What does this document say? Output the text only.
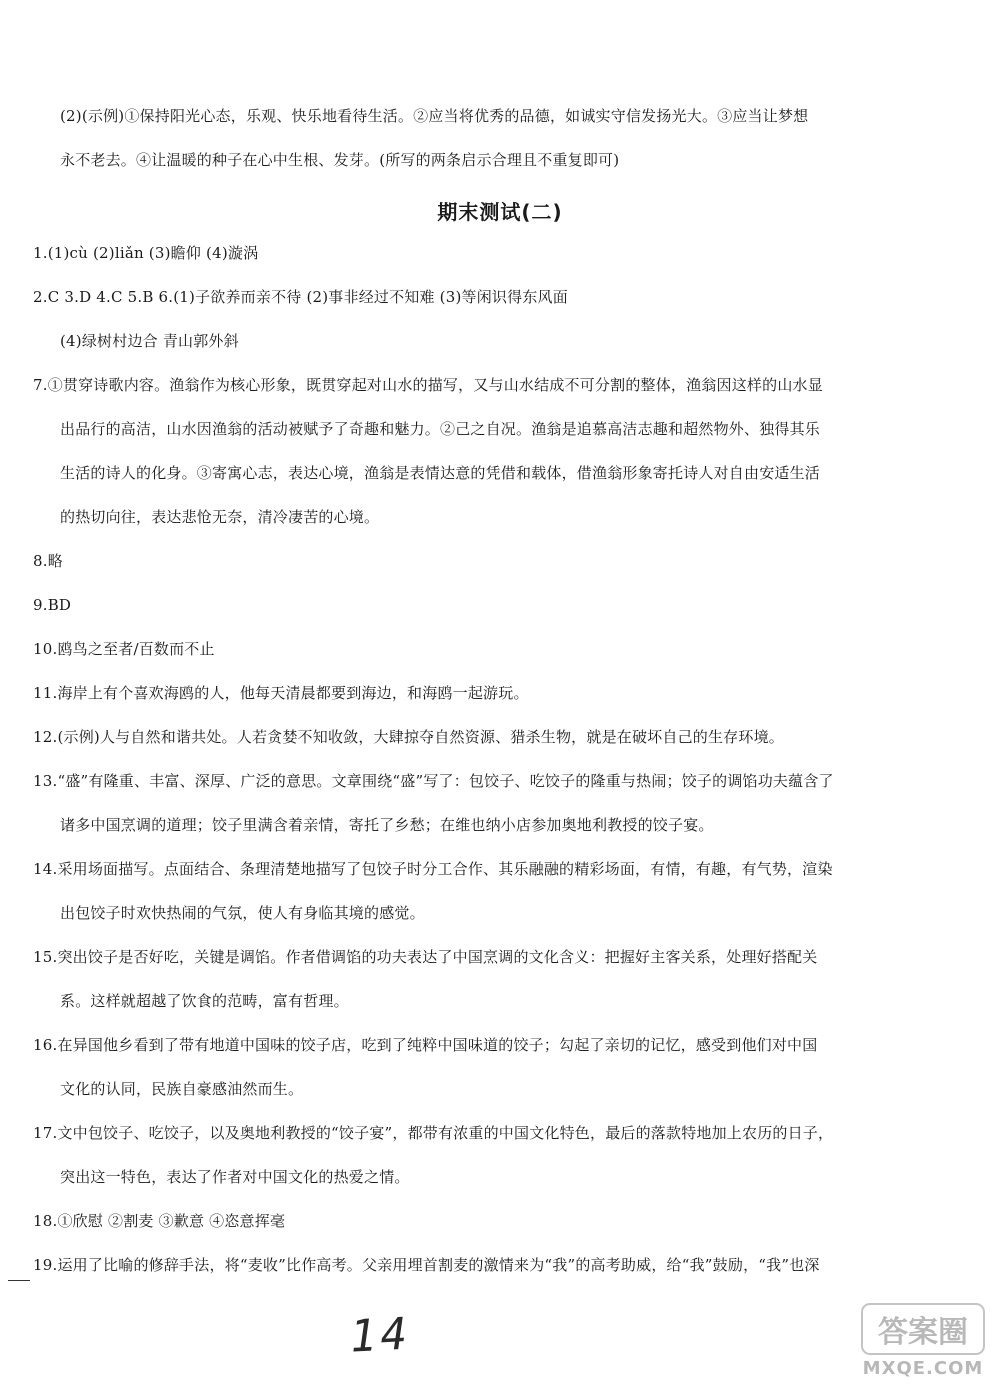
(2)(示例)①保持阳光心态，乐观、快乐地看待生活。②应当将优秀的品德，如诚实守信发扬光大。③应当让梦想
永不老去。④让温暖的种子在心中生根、发芽。(所写的两条启示合理且不重复即可)
期末测试(二)
1.(1)cù (2)liǎn (3)瞻仰 (4)漩涡
2.C 3.D 4.C 5.B 6.(1)子欲养而亲不待 (2)事非经过不知难 (3)等闲识得东风面
(4)绿树村边合 青山郭外斜
7.①贯穿诗歌内容。渔翁作为核心形象，既贯穿起对山水的描写，又与山水结成不可分割的整体，渔翁因这样的山水显
出品行的高洁，山水因渔翁的活动被赋予了奇趣和魅力。②己之自况。渔翁是追慕高洁志趣和超然物外、独得其乐
生活的诗人的化身。③寄寓心志，表达心境，渔翁是表情达意的凭借和载体，借渔翁形象寄托诗人对自由安适生活
的热切向往，表达悲怆无奈，清冷凄苦的心境。
8.略
9.BD
10.鸥鸟之至者/百数而不止
11.海岸上有个喜欢海鸥的人，他每天清晨都要到海边，和海鸥一起游玩。
12.(示例)人与自然和谐共处。人若贪婪不知收敛，大肆掠夺自然资源、猎杀生物，就是在破坏自己的生存环境。
13.“盛”有隆重、丰富、深厚、广泛的意思。文章围绕“盛”写了：包饺子、吃饺子的隆重与热闹；饺子的调馅功夫蕴含了
诸多中国烹调的道理；饺子里满含着亲情，寄托了乡愁；在维也纳小店参加奥地利教授的饺子宴。
14.采用场面描写。点面结合、条理清楚地描写了包饺子时分工合作、其乐融融的精彩场面，有情，有趣，有气势，渲染
出包饺子时欢快热闹的气氛，使人有身临其境的感觉。
15.突出饺子是否好吃，关键是调馅。作者借调馅的功夫表达了中国烹调的文化含义：把握好主客关系，处理好搭配关
系。这样就超越了饮食的范畴，富有哲理。
16.在异国他乡看到了带有地道中国味的饺子店，吃到了纯粹中国味道的饺子；勾起了亲切的记忆，感受到他们对中国
文化的认同，民族自豪感油然而生。
17.文中包饺子、吃饺子，以及奥地利教授的“饺子宴”，都带有浓重的中国文化特色，最后的落款特地加上农历的日子，
突出这一特色，表达了作者对中国文化的热爱之情。
18.①欣慰 ②割麦 ③歉意 ④恣意挥毫
19.运用了比喻的修辞手法，将“麦收”比作高考。父亲用埋首割麦的激情来为“我”的高考助威，给“我”鼓励，“我”也深
14	答案圈
MXQE.COM
